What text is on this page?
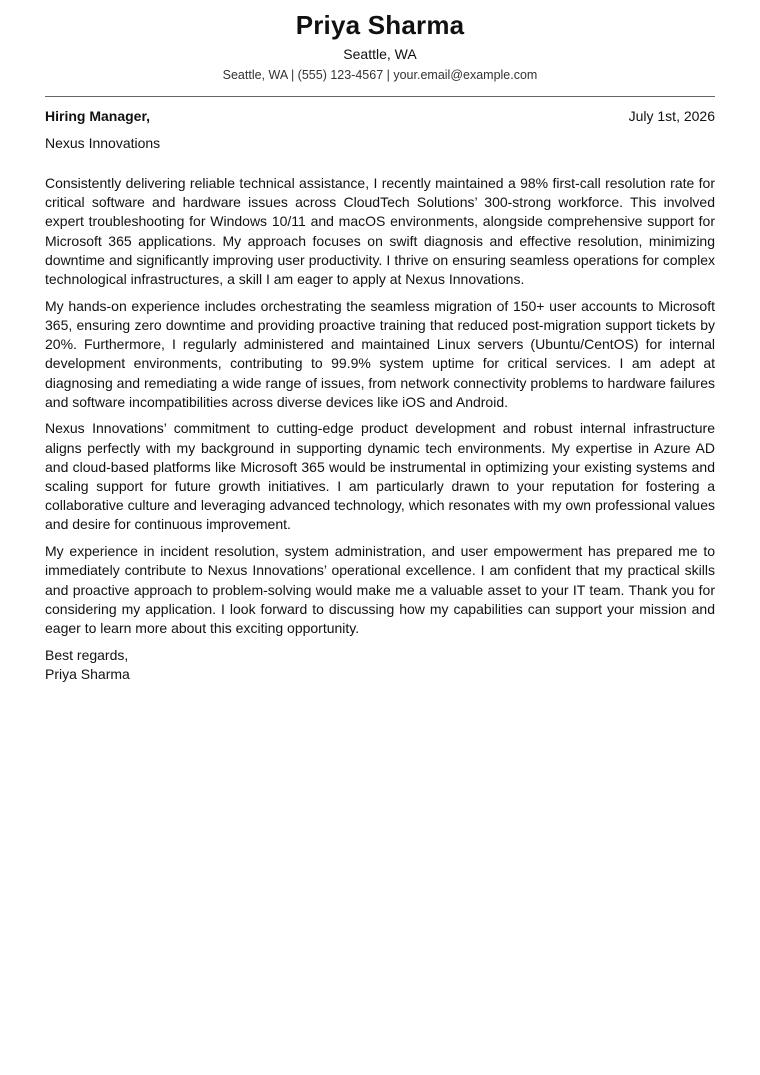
Priya Sharma
Seattle, WA
Seattle, WA | (555) 123-4567 | your.email@example.com
Hiring Manager,	July 1st, 2026
Nexus Innovations

Consistently delivering reliable technical assistance, I recently maintained a 98% first-call resolution rate for critical software and hardware issues across CloudTech Solutions’ 300-strong workforce. This involved expert troubleshooting for Windows 10/11 and macOS environments, alongside comprehensive support for Microsoft 365 applications. My approach focuses on swift diagnosis and effective resolution, minimizing downtime and significantly improving user productivity. I thrive on ensuring seamless operations for complex technological infrastructures, a skill I am eager to apply at Nexus Innovations.

My hands-on experience includes orchestrating the seamless migration of 150+ user accounts to Microsoft 365, ensuring zero downtime and providing proactive training that reduced post-migration support tickets by 20%. Furthermore, I regularly administered and maintained Linux servers (Ubuntu/CentOS) for internal development environments, contributing to 99.9% system uptime for critical services. I am adept at diagnosing and remediating a wide range of issues, from network connectivity problems to hardware failures and software incompatibilities across diverse devices like iOS and Android.

Nexus Innovations’ commitment to cutting-edge product development and robust internal infrastructure aligns perfectly with my background in supporting dynamic tech environments. My expertise in Azure AD and cloud-based platforms like Microsoft 365 would be instrumental in optimizing your existing systems and scaling support for future growth initiatives. I am particularly drawn to your reputation for fostering a collaborative culture and leveraging advanced technology, which resonates with my own professional values and desire for continuous improvement.

My experience in incident resolution, system administration, and user empowerment has prepared me to immediately contribute to Nexus Innovations’ operational excellence. I am confident that my practical skills and proactive approach to problem-solving would make me a valuable asset to your IT team. Thank you for considering my application. I look forward to discussing how my capabilities can support your mission and eager to learn more about this exciting opportunity.

Best regards,
Priya Sharma
